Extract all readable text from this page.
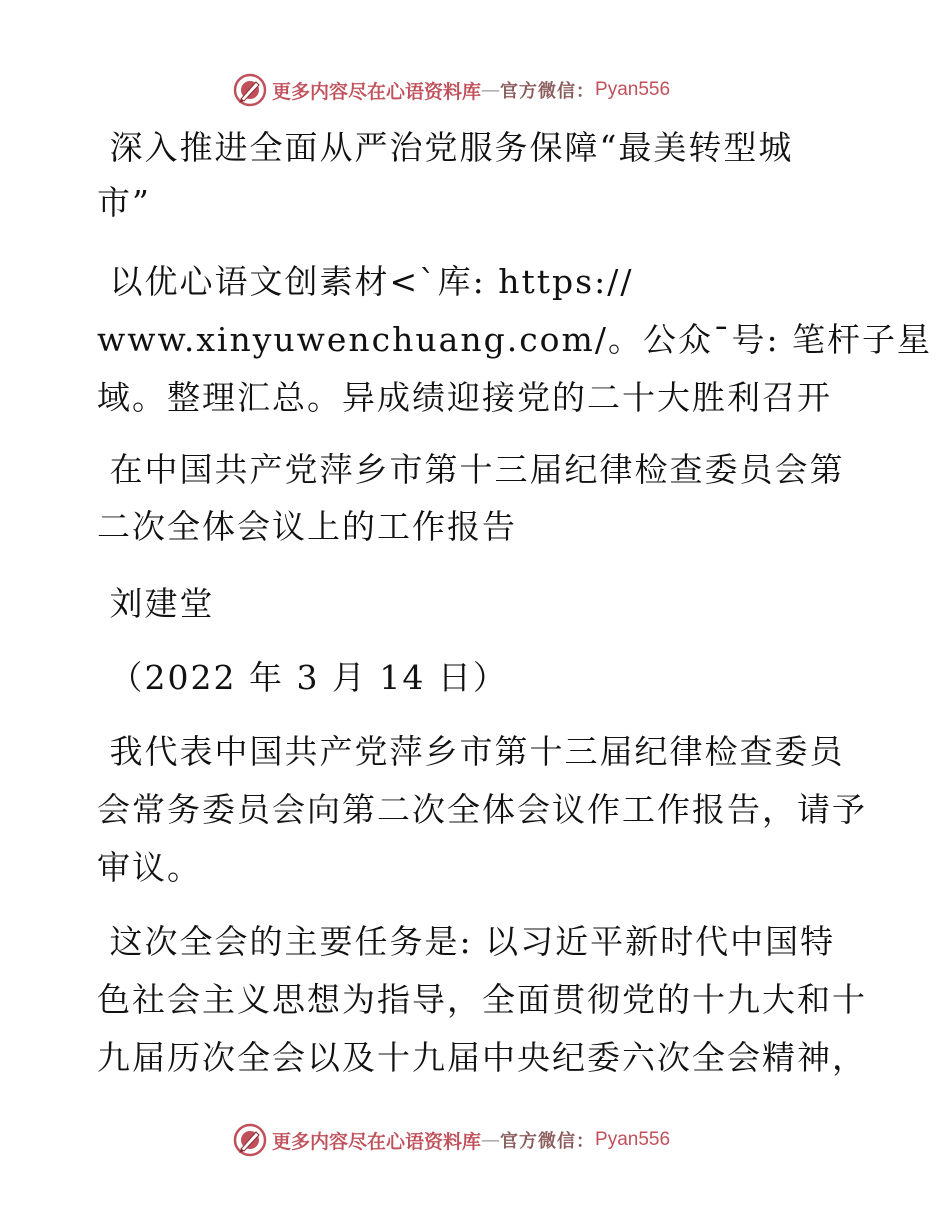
更多内容尽在心语资料库 — 官方微信： Pyan556
深入推进全面从严治党服务保障“最美转型城
市”
以优心语文创素材<`库: https://
www.xinyuwenchuang.com/。公众¯号: 笔杆子星
域。整理汇总。异成绩迎接党的二十大胜利召开
在中国共产党萍乡市第十三届纪律检查委员会第
二次全体会议上的工作报告
刘建堂
（2022 年 3 月 14 日）
我代表中国共产党萍乡市第十三届纪律检查委员
会常务委员会向第二次全体会议作工作报告，请予
审议。
这次全会的主要任务是: 以习近平新时代中国特
色社会主义思想为指导，全面贯彻党的十九大和十
九届历次全会以及十九届中央纪委六次全会精神，
更多内容尽在心语资料库 — 官方微信： Pyan556
